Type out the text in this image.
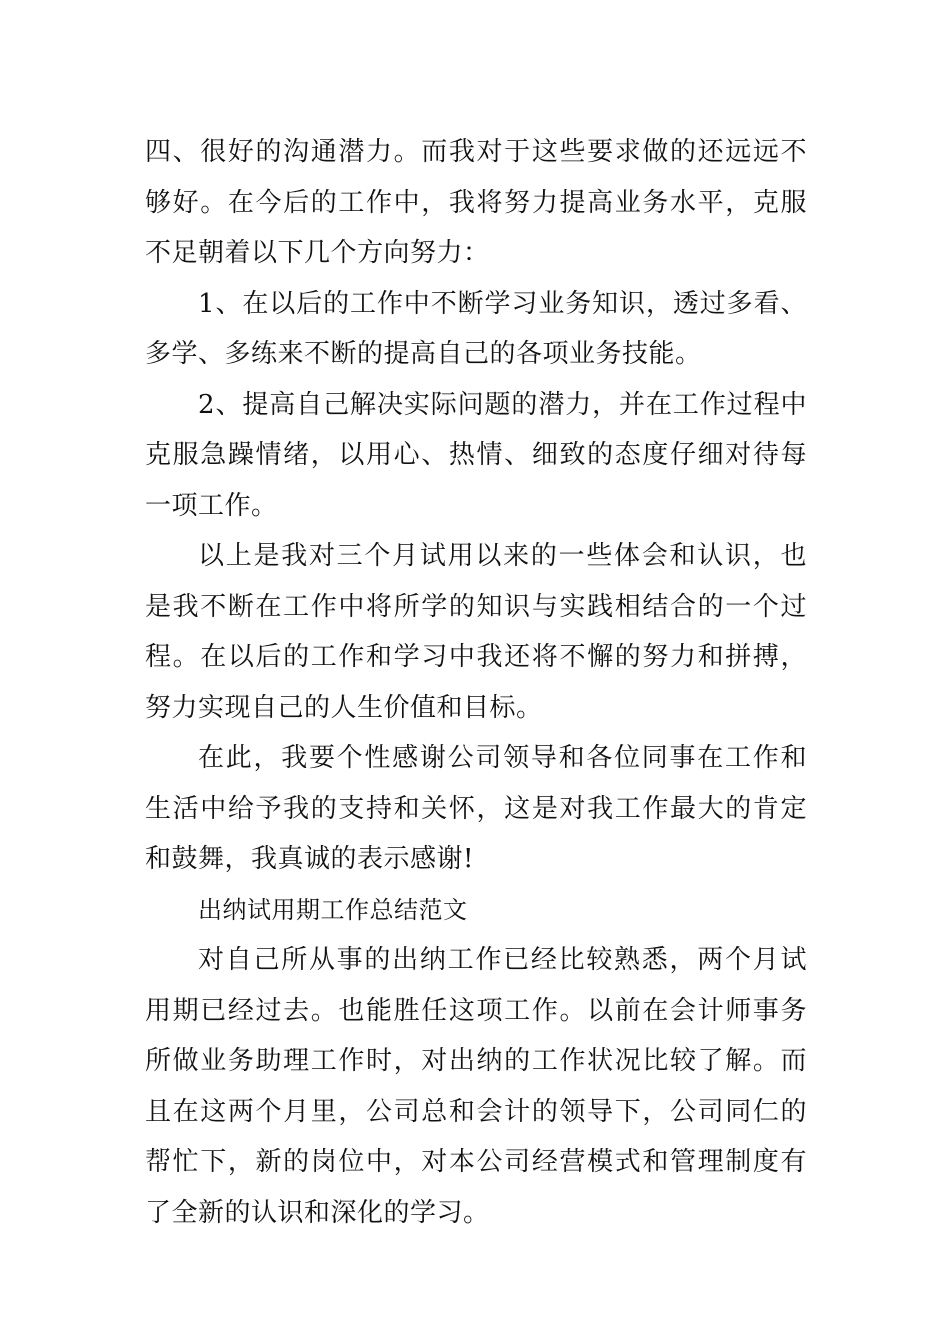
四、很好的沟通潜力。而我对于这些要求做的还远远不够好。在今后的工作中，我将努力提高业务水平，克服不足朝着以下几个方向努力：

1、在以后的工作中不断学习业务知识，透过多看、多学、多练来不断的提高自己的各项业务技能。

2、提高自己解决实际问题的潜力，并在工作过程中克服急躁情绪，以用心、热情、细致的态度仔细对待每一项工作。

以上是我对三个月试用以来的一些体会和认识，也是我不断在工作中将所学的知识与实践相结合的一个过程。在以后的工作和学习中我还将不懈的努力和拼搏，努力实现自己的人生价值和目标。

在此，我要个性感谢公司领导和各位同事在工作和生活中给予我的支持和关怀，这是对我工作最大的肯定和鼓舞，我真诚的表示感谢!

出纳试用期工作总结范文

对自己所从事的出纳工作已经比较熟悉，两个月试用期已经过去。也能胜任这项工作。以前在会计师事务所做业务助理工作时，对出纳的工作状况比较了解。而且在这两个月里，公司总和会计的领导下，公司同仁的帮忙下，新的岗位中，对本公司经营模式和管理制度有了全新的认识和深化的学习。
